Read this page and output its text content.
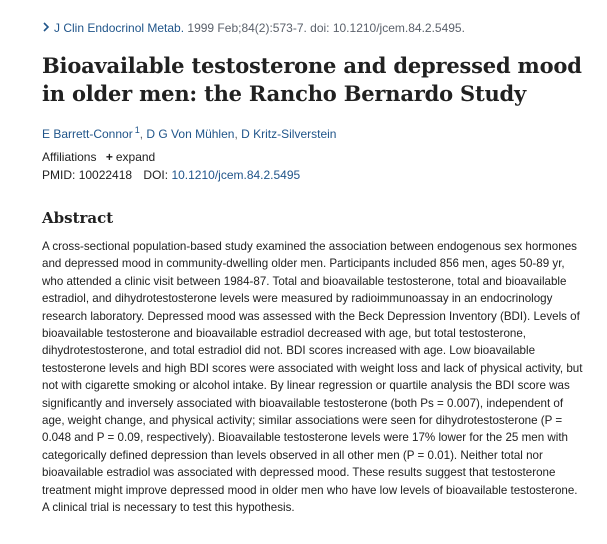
J Clin Endocrinol Metab. 1999 Feb;84(2):573-7. doi: 10.1210/jcem.84.2.5495.
Bioavailable testosterone and depressed mood in older men: the Rancho Bernardo Study
E Barrett-Connor $^1$, D G Von Mühlen, D Kritz-Silverstein
Affiliations + expand
PMID: 10022418 DOI: 10.1210/jcem.84.2.5495
Abstract

A cross-sectional population-based study examined the association between endogenous sex hormones and depressed mood in community-dwelling older men. Participants included 856 men, ages 50-89 yr, who attended a clinic visit between 1984-87. Total and bioavailable testosterone, total and bioavailable estradiol, and dihydrotestosterone levels were measured by radioimmunoassay in an endocrinology research laboratory. Depressed mood was assessed with the Beck Depression Inventory (BDI). Levels of bioavailable testosterone and bioavailable estradiol decreased with age, but total testosterone, dihydrotestosterone, and total estradiol did not. BDI scores increased with age. Low bioavailable testosterone levels and high BDI scores were associated with weight loss and lack of physical activity, but not with cigarette smoking or alcohol intake. By linear regression or quartile analysis the BDI score was significantly and inversely associated with bioavailable testosterone (both Ps = 0.007), independent of age, weight change, and physical activity; similar associations were seen for dihydrotestosterone (P = 0.048 and P = 0.09, respectively). Bioavailable testosterone levels were 17% lower for the 25 men with categorically defined depression than levels observed in all other men (P = 0.01). Neither total nor bioavailable estradiol was associated with depressed mood. These results suggest that testosterone treatment might improve depressed mood in older men who have low levels of bioavailable testosterone. A clinical trial is necessary to test this hypothesis.
